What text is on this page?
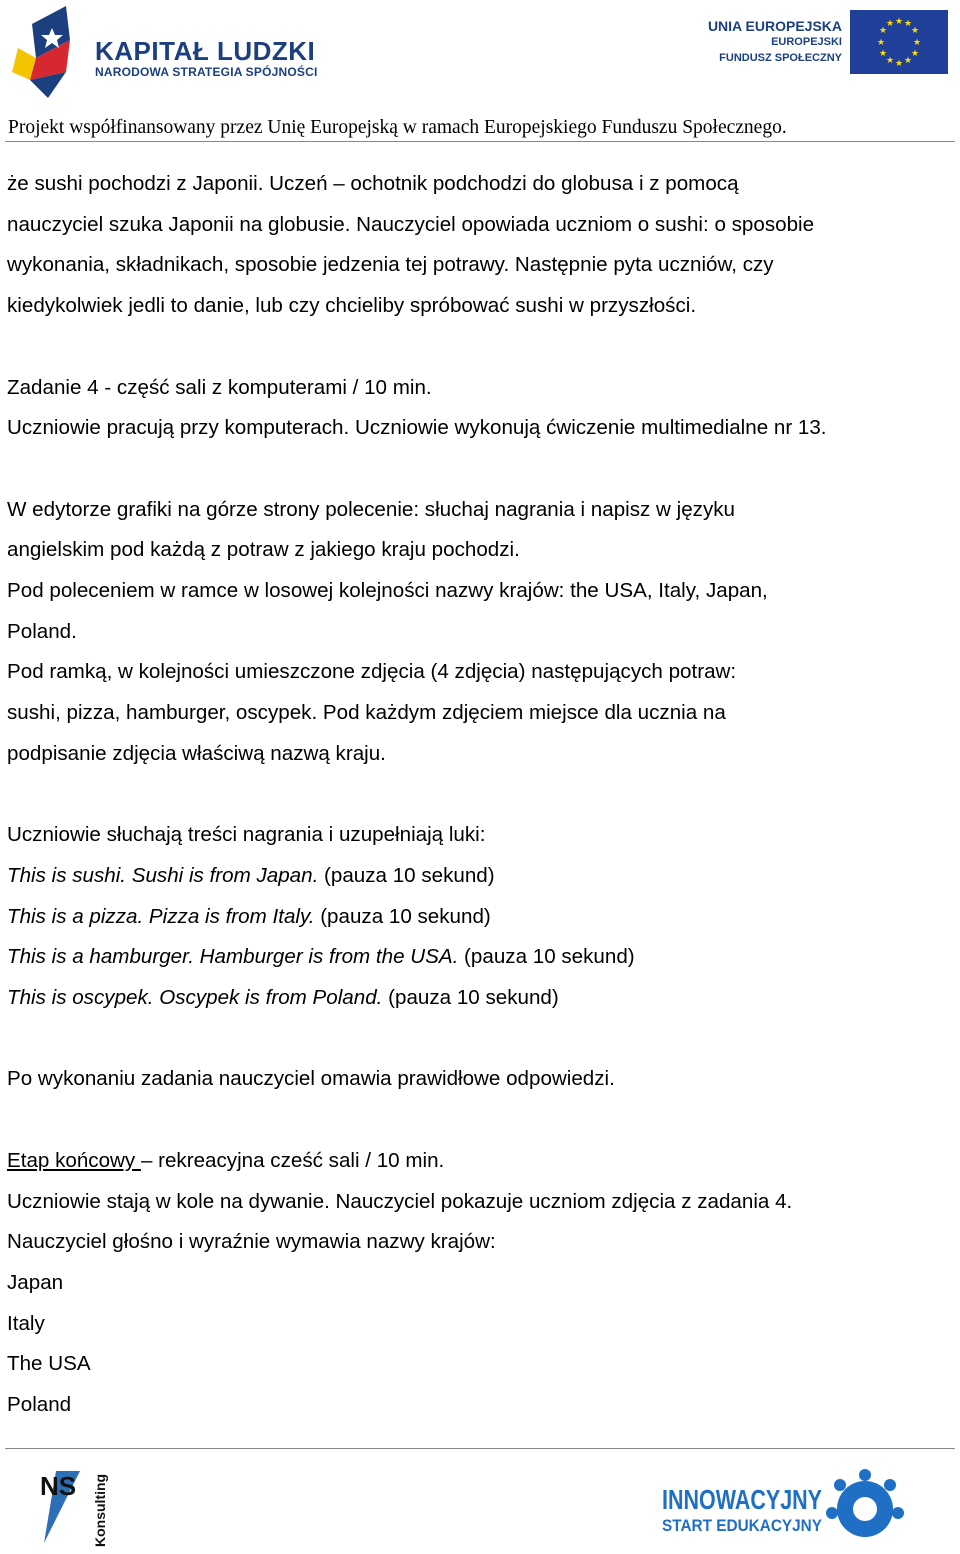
KAPITAŁ LUDZKI
NARODOWA STRATEGIA SPÓJNOŚCI
UNIA EUROPEJSKA
EUROPEJSKI
FUNDUSZ SPOŁECZNY
★ ★
★
★
★
★
★
★
★
★
★
★
Projekt współfinansowany przez Unię Europejską w ramach Europejskiego Funduszu Społecznego.

że sushi pochodzi z Japonii. Uczeń – ochotnik podchodzi do globusa i z pomocą

nauczyciel szuka Japonii na globusie. Nauczyciel opowiada uczniom o sushi: o sposobie

wykonania, składnikach, sposobie jedzenia tej potrawy. Następnie pyta uczniów, czy

kiedykolwiek jedli to danie, lub czy chcieliby spróbować sushi w przyszłości.

Zadanie 4 - część sali z komputerami / 10 min.

Uczniowie pracują przy komputerach. Uczniowie wykonują ćwiczenie multimedialne nr 13.

W edytorze grafiki na górze strony polecenie: słuchaj nagrania i napisz w języku

angielskim pod każdą z potraw z jakiego kraju pochodzi.

Pod poleceniem w ramce w losowej kolejności nazwy krajów: the USA, Italy, Japan,

Poland.

Pod ramką, w kolejności umieszczone zdjęcia (4 zdjęcia) następujących potraw:

sushi, pizza, hamburger, oscypek. Pod każdym zdjęciem miejsce dla ucznia na

podpisanie zdjęcia właściwą nazwą kraju.

Uczniowie słuchają treści nagrania i uzupełniają luki:

This is sushi. Sushi is from Japan. (pauza 10 sekund)

This is a pizza. Pizza is from Italy. (pauza 10 sekund)

This is a hamburger. Hamburger is from the USA. (pauza 10 sekund)

This is oscypek. Oscypek is from Poland. (pauza 10 sekund)

Po wykonaniu zadania nauczyciel omawia prawidłowe odpowiedzi.

Etap końcowy – rekreacyjna cześć sali / 10 min.

Uczniowie stają w kole na dywanie. Nauczyciel pokazuje uczniom zdjęcia z zadania 4.

Nauczyciel głośno i wyraźnie wymawia nazwy krajów:

Japan

Italy

The USA

Poland

NS Konsulting	INNOWACYJNY
START EDUKACYJNY
